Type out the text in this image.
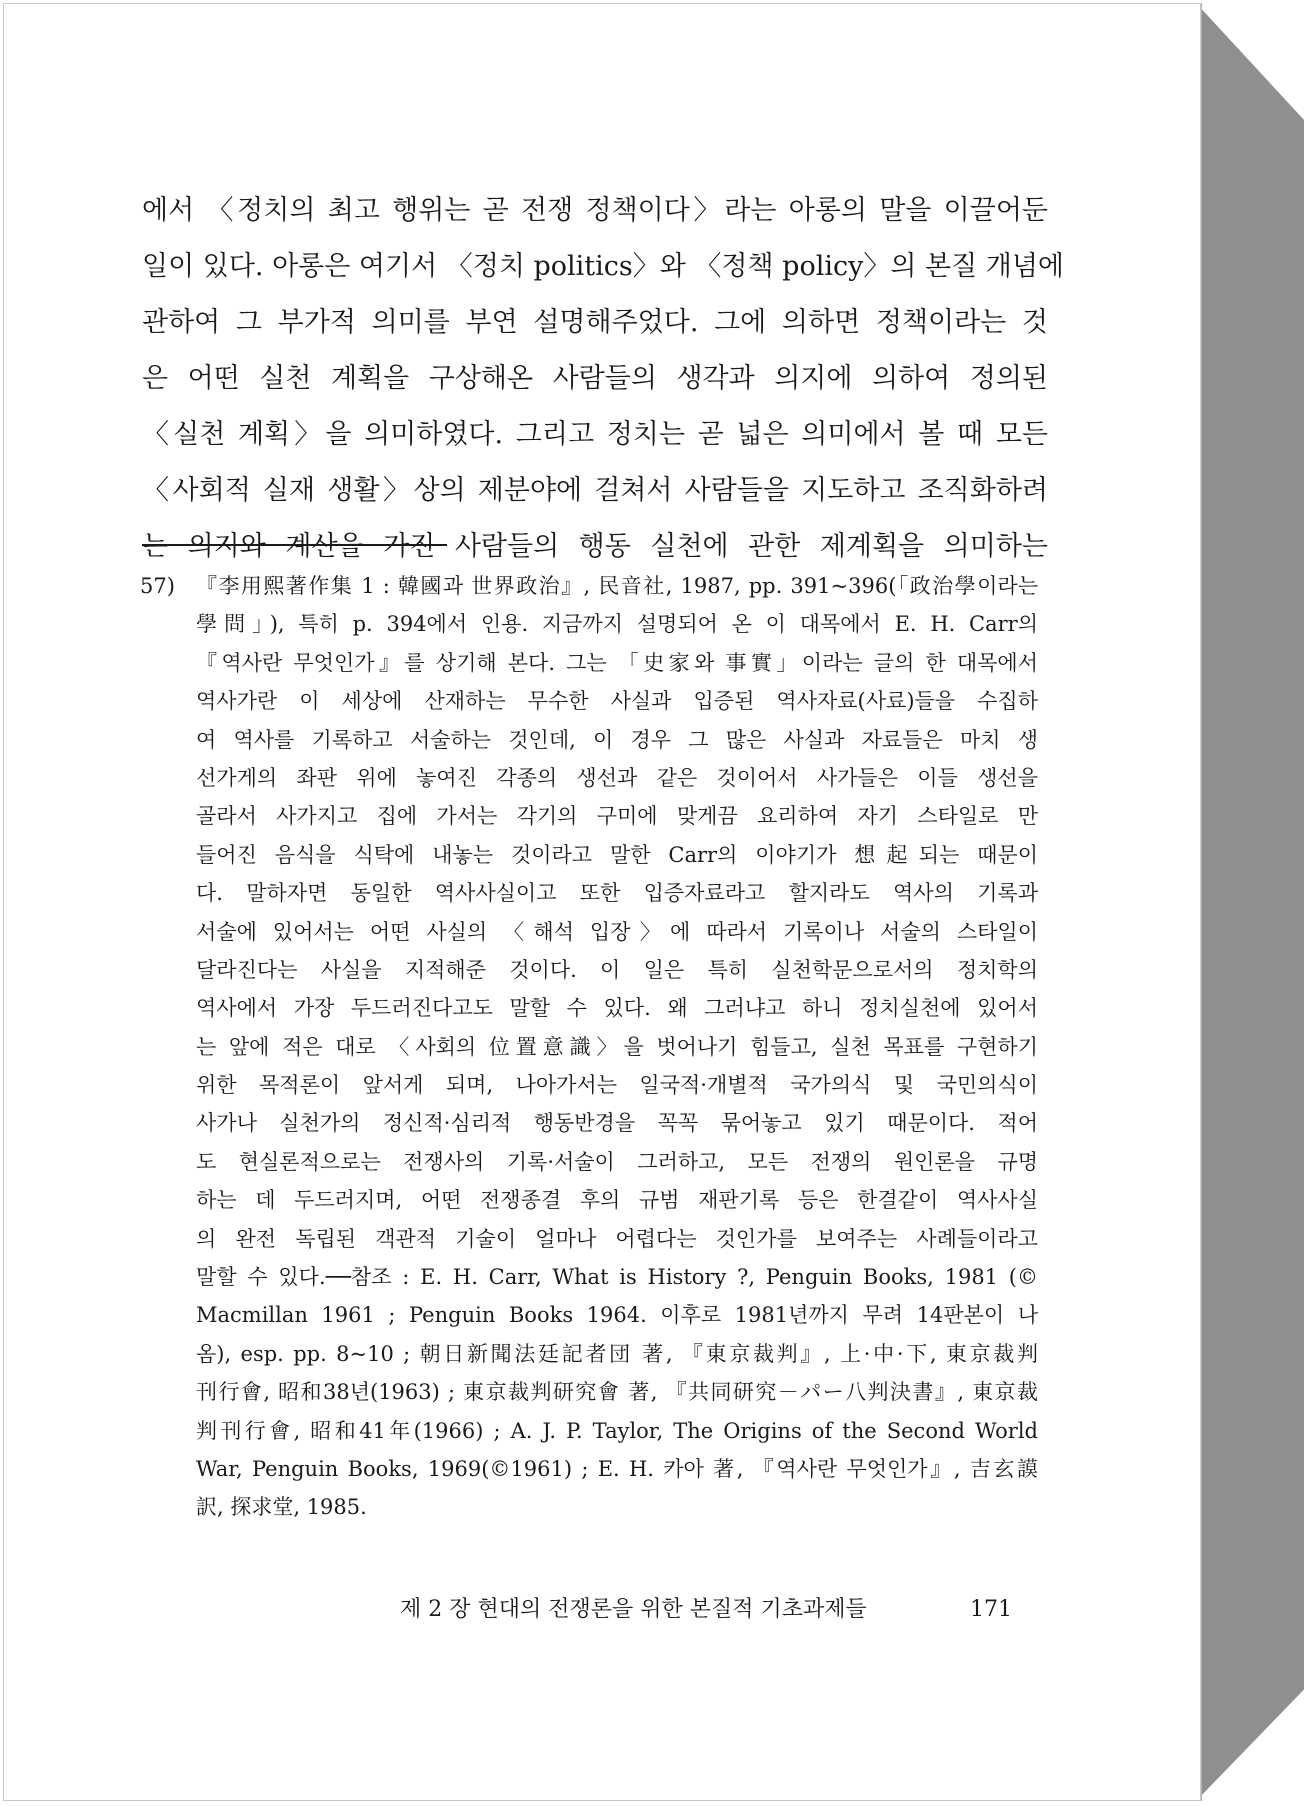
에서 〈정치의 최고 행위는 곧 전쟁 정책이다〉라는 아롱의 말을 이끌어둔
일이 있다. 아롱은 여기서 〈정치 politics〉와 〈정책 policy〉의 본질 개념에
관하여 그 부가적 의미를 부연 설명해주었다. 그에 의하면 정책이라는 것
은 어떤 실천 계획을 구상해온 사람들의 생각과 의지에 의하여 정의된
〈실천 계획〉을 의미하였다. 그리고 정치는 곧 넓은 의미에서 볼 때 모든
〈사회적 실재 생활〉상의 제분야에 걸쳐서 사람들을 지도하고 조직화하려
는 의지와 계산을 가진 사람들의 행동 실천에 관한 제계획을 의미하는
57) 『李用熙著作集 1 : 韓國과 世界政治』, 民音社, 1987, pp. 391~396(「政治學이라는
學問」), 특히 p. 394에서 인용. 지금까지 설명되어 온 이 대목에서 E. H. Carr의
『역사란 무엇인가』를 상기해 본다. 그는 「史家와 事實」이라는 글의 한 대목에서
역사가란 이 세상에 산재하는 무수한 사실과 입증된 역사자료(사료)들을 수집하
여 역사를 기록하고 서술하는 것인데, 이 경우 그 많은 사실과 자료들은 마치 생
선가게의 좌판 위에 놓여진 각종의 생선과 같은 것이어서 사가들은 이들 생선을
골라서 사가지고 집에 가서는 각기의 구미에 맞게끔 요리하여 자기 스타일로 만
들어진 음식을 식탁에 내놓는 것이라고 말한 Carr의 이야기가 想起되는 때문이
다. 말하자면 동일한 역사사실이고 또한 입증자료라고 할지라도 역사의 기록과
서술에 있어서는 어떤 사실의 〈해석 입장〉에 따라서 기록이나 서술의 스타일이
달라진다는 사실을 지적해준 것이다. 이 일은 특히 실천학문으로서의 정치학의
역사에서 가장 두드러진다고도 말할 수 있다. 왜 그러냐고 하니 정치실천에 있어서
는 앞에 적은 대로 〈사회의 位置意識〉을 벗어나기 힘들고, 실천 목표를 구현하기
위한 목적론이 앞서게 되며, 나아가서는 일국적·개별적 국가의식 및 국민의식이
사가나 실천가의 정신적·심리적 행동반경을 꼭꼭 묶어놓고 있기 때문이다. 적어
도 현실론적으로는 전쟁사의 기록·서술이 그러하고, 모든 전쟁의 원인론을 규명
하는 데 두드러지며, 어떤 전쟁종결 후의 규범 재판기록 등은 한결같이 역사사실
의 완전 독립된 객관적 기술이 얼마나 어렵다는 것인가를 보여주는 사례들이라고
말할 수 있다.──참조 : E. H. Carr, What is History ?, Penguin Books, 1981 (©
Macmillan 1961 ; Penguin Books 1964. 이후로 1981년까지 무려 14판본이 나
옴), esp. pp. 8~10 ; 朝日新聞法廷記者団 著, 『東京裁判』, 上·中·下, 東京裁判
刊行會, 昭和38년(1963) ; 東京裁判研究會 著, 『共同研究－パー八判決書』, 東京裁
判刊行會, 昭和41年(1966) ; A. J. P. Taylor, The Origins of the Second World
War, Penguin Books, 1969(©1961) ; E. H. 카아 著, 『역사란 무엇인가』, 吉玄謨
訳, 探求堂, 1985.
제 2 장 현대의 전쟁론을 위한 본질적 기초과제들	171
